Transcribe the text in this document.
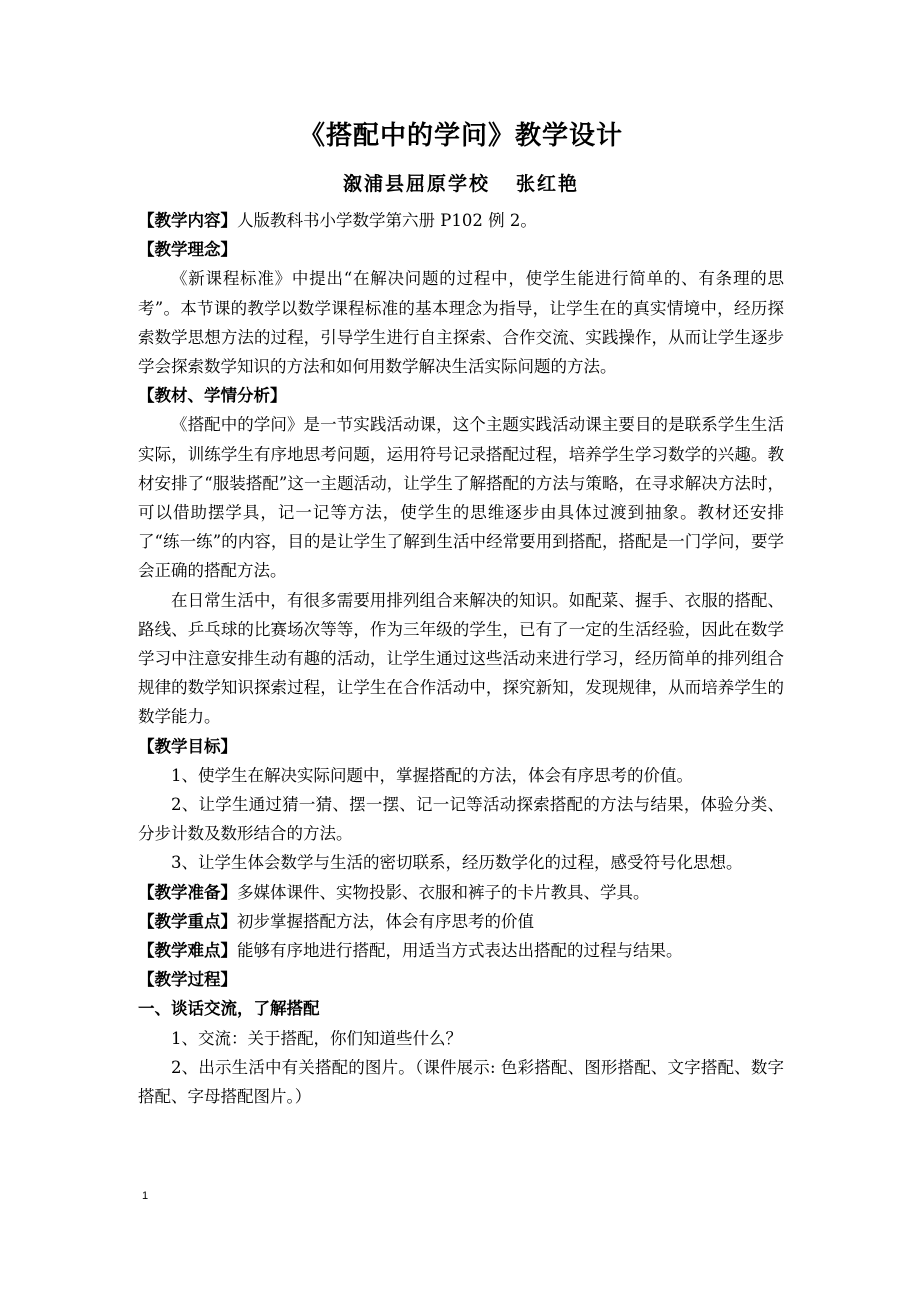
《搭配中的学问》教学设计
溆浦县屈原学校 张红艳

【教学内容】人版教科书小学数学第六册 P102 例 2。

【教学理念】

《新课程标准》中提出“在解决问题的过程中，使学生能进行简单的、有条理的思考”。本节课的教学以数学课程标准的基本理念为指导，让学生在的真实情境中，经历探索数学思想方法的过程，引导学生进行自主探索、合作交流、实践操作，从而让学生逐步学会探索数学知识的方法和如何用数学解决生活实际问题的方法。

【教材、学情分析】

《搭配中的学问》是一节实践活动课，这个主题实践活动课主要目的是联系学生生活实际，训练学生有序地思考问题，运用符号记录搭配过程，培养学生学习数学的兴趣。教材安排了“服装搭配”这一主题活动，让学生了解搭配的方法与策略，在寻求解决方法时，可以借助摆学具，记一记等方法，使学生的思维逐步由具体过渡到抽象。教材还安排了“练一练”的内容，目的是让学生了解到生活中经常要用到搭配，搭配是一门学问，要学会正确的搭配方法。

在日常生活中，有很多需要用排列组合来解决的知识。如配菜、握手、衣服的搭配、路线、乒乓球的比赛场次等等，作为三年级的学生，已有了一定的生活经验，因此在数学学习中注意安排生动有趣的活动，让学生通过这些活动来进行学习，经历简单的排列组合规律的数学知识探索过程，让学生在合作活动中，探究新知，发现规律，从而培养学生的数学能力。

【教学目标】

1、使学生在解决实际问题中，掌握搭配的方法，体会有序思考的价值。

2、让学生通过猜一猜、摆一摆、记一记等活动探索搭配的方法与结果，体验分类、分步计数及数形结合的方法。

3、让学生体会数学与生活的密切联系，经历数学化的过程，感受符号化思想。

【教学准备】多媒体课件、实物投影、衣服和裤子的卡片教具、学具。

【教学重点】初步掌握搭配方法，体会有序思考的价值

【教学难点】能够有序地进行搭配，用适当方式表达出搭配的过程与结果。

【教学过程】

一、谈话交流，了解搭配

1、交流：关于搭配，你们知道些什么？

2、出示生活中有关搭配的图片。（课件展示: 色彩搭配、图形搭配、文字搭配、数字搭配、字母搭配图片。）

1
